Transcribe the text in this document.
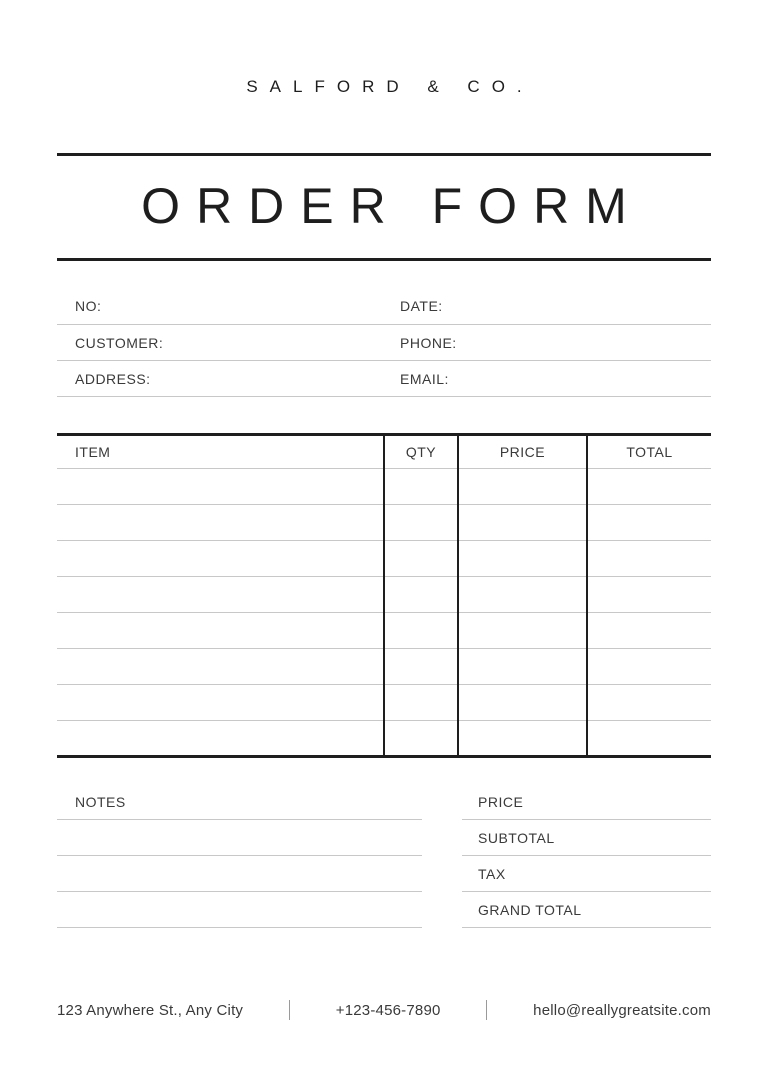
SALFORD & CO.
ORDER FORM
NO:	DATE:
CUSTOMER:	PHONE:
ADDRESS:	EMAIL:
ITEM	QTY	PRICE	TOTAL

NOTES	PRICE
SUBTOTAL
TAX
GRAND TOTAL
123 Anywhere St., Any City	+123-456-7890	hello@reallygreatsite.com
